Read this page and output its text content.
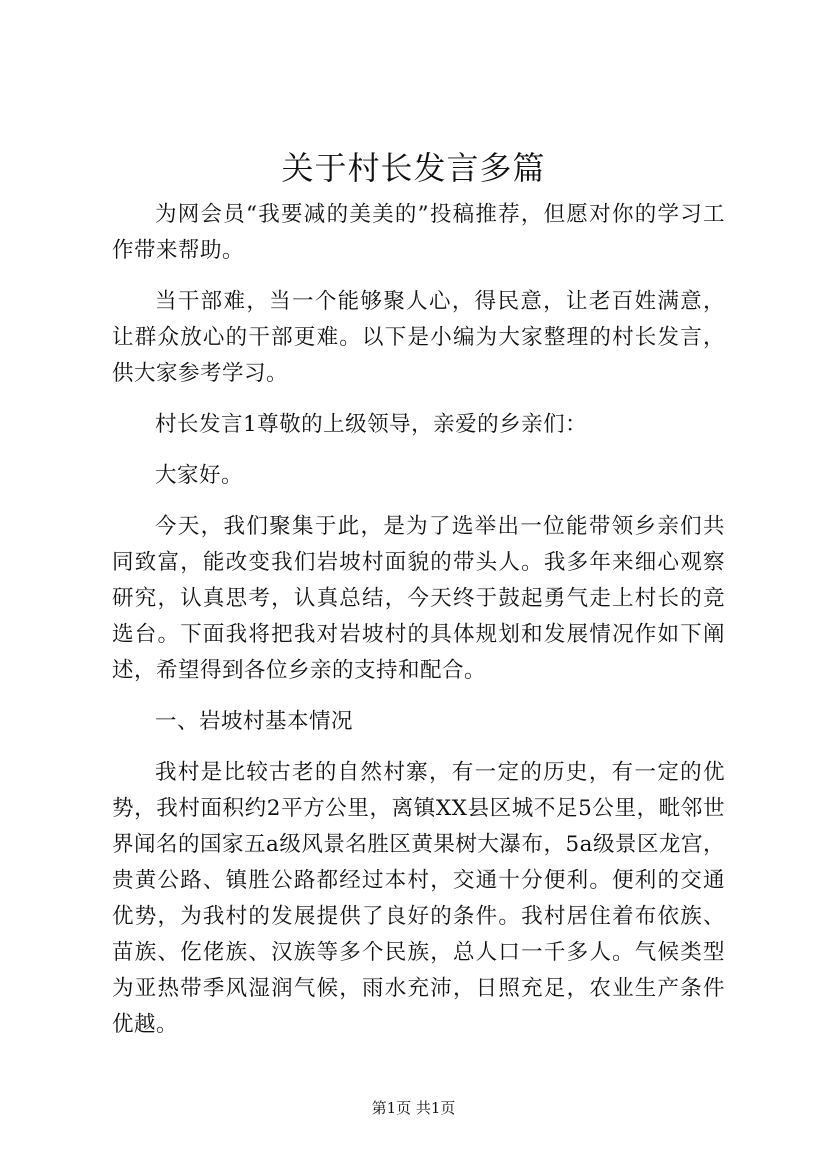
关于村长发言多篇

为网会员“我要减的美美的”投稿推荐，但愿对你的学习工作带来帮助。

当干部难，当一个能够聚人心，得民意，让老百姓满意，让群众放心的干部更难。以下是小编为大家整理的村长发言，供大家参考学习。

村长发言1尊敬的上级领导，亲爱的乡亲们：

大家好。

今天，我们聚集于此，是为了选举出一位能带领乡亲们共同致富，能改变我们岩坡村面貌的带头人。我多年来细心观察研究，认真思考，认真总结，今天终于鼓起勇气走上村长的竞选台。下面我将把我对岩坡村的具体规划和发展情况作如下阐述，希望得到各位乡亲的支持和配合。

一、岩坡村基本情况

我村是比较古老的自然村寨，有一定的历史，有一定的优势，我村面积约2平方公里，离镇XX县区城不足5公里，毗邻世界闻名的国家五a级风景名胜区黄果树大瀑布，5a级景区龙宫，贵黄公路、镇胜公路都经过本村，交通十分便利。便利的交通优势，为我村的发展提供了良好的条件。我村居住着布依族、苗族、仡佬族、汉族等多个民族，总人口一千多人。气候类型为亚热带季风湿润气候，雨水充沛，日照充足，农业生产条件优越。

第1页 共1页
